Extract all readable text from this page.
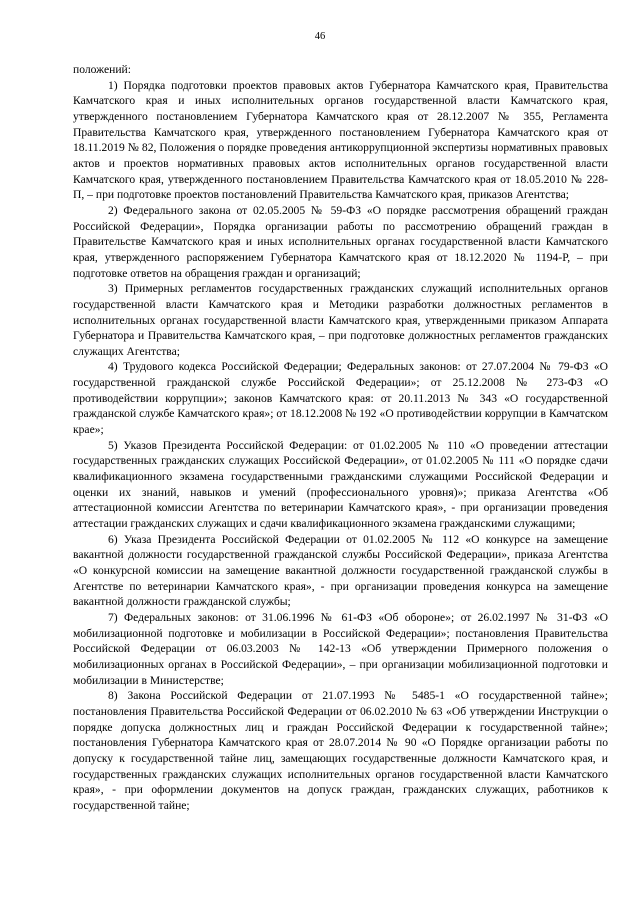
46

положений:

1) Порядка подготовки проектов правовых актов Губернатора Камчатского края, Правительства Камчатского края и иных исполнительных органов государственной власти Камчатского края, утвержденного постановлением Губернатора Камчатского края от 28.12.2007 № 355, Регламента Правительства Камчатского края, утвержденного постановлением Губернатора Камчатского края от 18.11.2019 № 82, Положения о порядке проведения антикоррупционной экспертизы нормативных правовых актов и проектов нормативных правовых актов исполнительных органов государственной власти Камчатского края, утвержденного постановлением Правительства Камчатского края от 18.05.2010 № 228-П, – при подготовке проектов постановлений Правительства Камчатского края, приказов Агентства;

2) Федерального закона от 02.05.2005 № 59-ФЗ «О порядке рассмотрения обращений граждан Российской Федерации», Порядка организации работы по рассмотрению обращений граждан в Правительстве Камчатского края и иных исполнительных органах государственной власти Камчатского края, утвержденного распоряжением Губернатора Камчатского края от 18.12.2020 № 1194-Р, – при подготовке ответов на обращения граждан и организаций;

3) Примерных регламентов государственных гражданских служащий исполнительных органов государственной власти Камчатского края и Методики разработки должностных регламентов в исполнительных органах государственной власти Камчатского края, утвержденными приказом Аппарата Губернатора и Правительства Камчатского края, – при подготовке должностных регламентов гражданских служащих Агентства;

4) Трудового кодекса Российской Федерации; Федеральных законов: от 27.07.2004 № 79-ФЗ «О государственной гражданской службе Российской Федерации»; от 25.12.2008 № 273-ФЗ «О противодействии коррупции»; законов Камчатского края: от 20.11.2013 № 343 «О государственной гражданской службе Камчатского края»; от 18.12.2008 № 192 «О противодействии коррупции в Камчатском крае»;

5) Указов Президента Российской Федерации: от 01.02.2005 № 110 «О проведении аттестации государственных гражданских служащих Российской Федерации», от 01.02.2005 № 111 «О порядке сдачи квалификационного экзамена государственными гражданскими служащими Российской Федерации и оценки их знаний, навыков и умений (профессионального уровня)»; приказа Агентства «Об аттестационной комиссии Агентства по ветеринарии Камчатского края», - при организации проведения аттестации гражданских служащих и сдачи квалификационного экзамена гражданскими служащими;

6) Указа Президента Российской Федерации от 01.02.2005 № 112 «О конкурсе на замещение вакантной должности государственной гражданской службы Российской Федерации», приказа Агентства «О конкурсной комиссии на замещение вакантной должности государственной гражданской службы в Агентстве по ветеринарии Камчатского края», - при организации проведения конкурса на замещение вакантной должности гражданской службы;

7) Федеральных законов: от 31.06.1996 № 61-ФЗ «Об обороне»; от 26.02.1997 № 31-ФЗ «О мобилизационной подготовке и мобилизации в Российской Федерации»; постановления Правительства Российской Федерации от 06.03.2003 № 142-13 «Об утверждении Примерного положения о мобилизационных органах в Российской Федерации», – при организации мобилизационной подготовки и мобилизации в Министерстве;

8) Закона Российской Федерации от 21.07.1993 № 5485-1 «О государственной тайне»; постановления Правительства Российской Федерации от 06.02.2010 № 63 «Об утверждении Инструкции о порядке допуска должностных лиц и граждан Российской Федерации к государственной тайне»; постановления Губернатора Камчатского края от 28.07.2014 № 90 «О Порядке организации работы по допуску к государственной тайне лиц, замещающих государственные должности Камчатского края, и государственных гражданских служащих исполнительных органов государственной власти Камчатского края», - при оформлении документов на допуск граждан, гражданских служащих, работников к государственной тайне;
